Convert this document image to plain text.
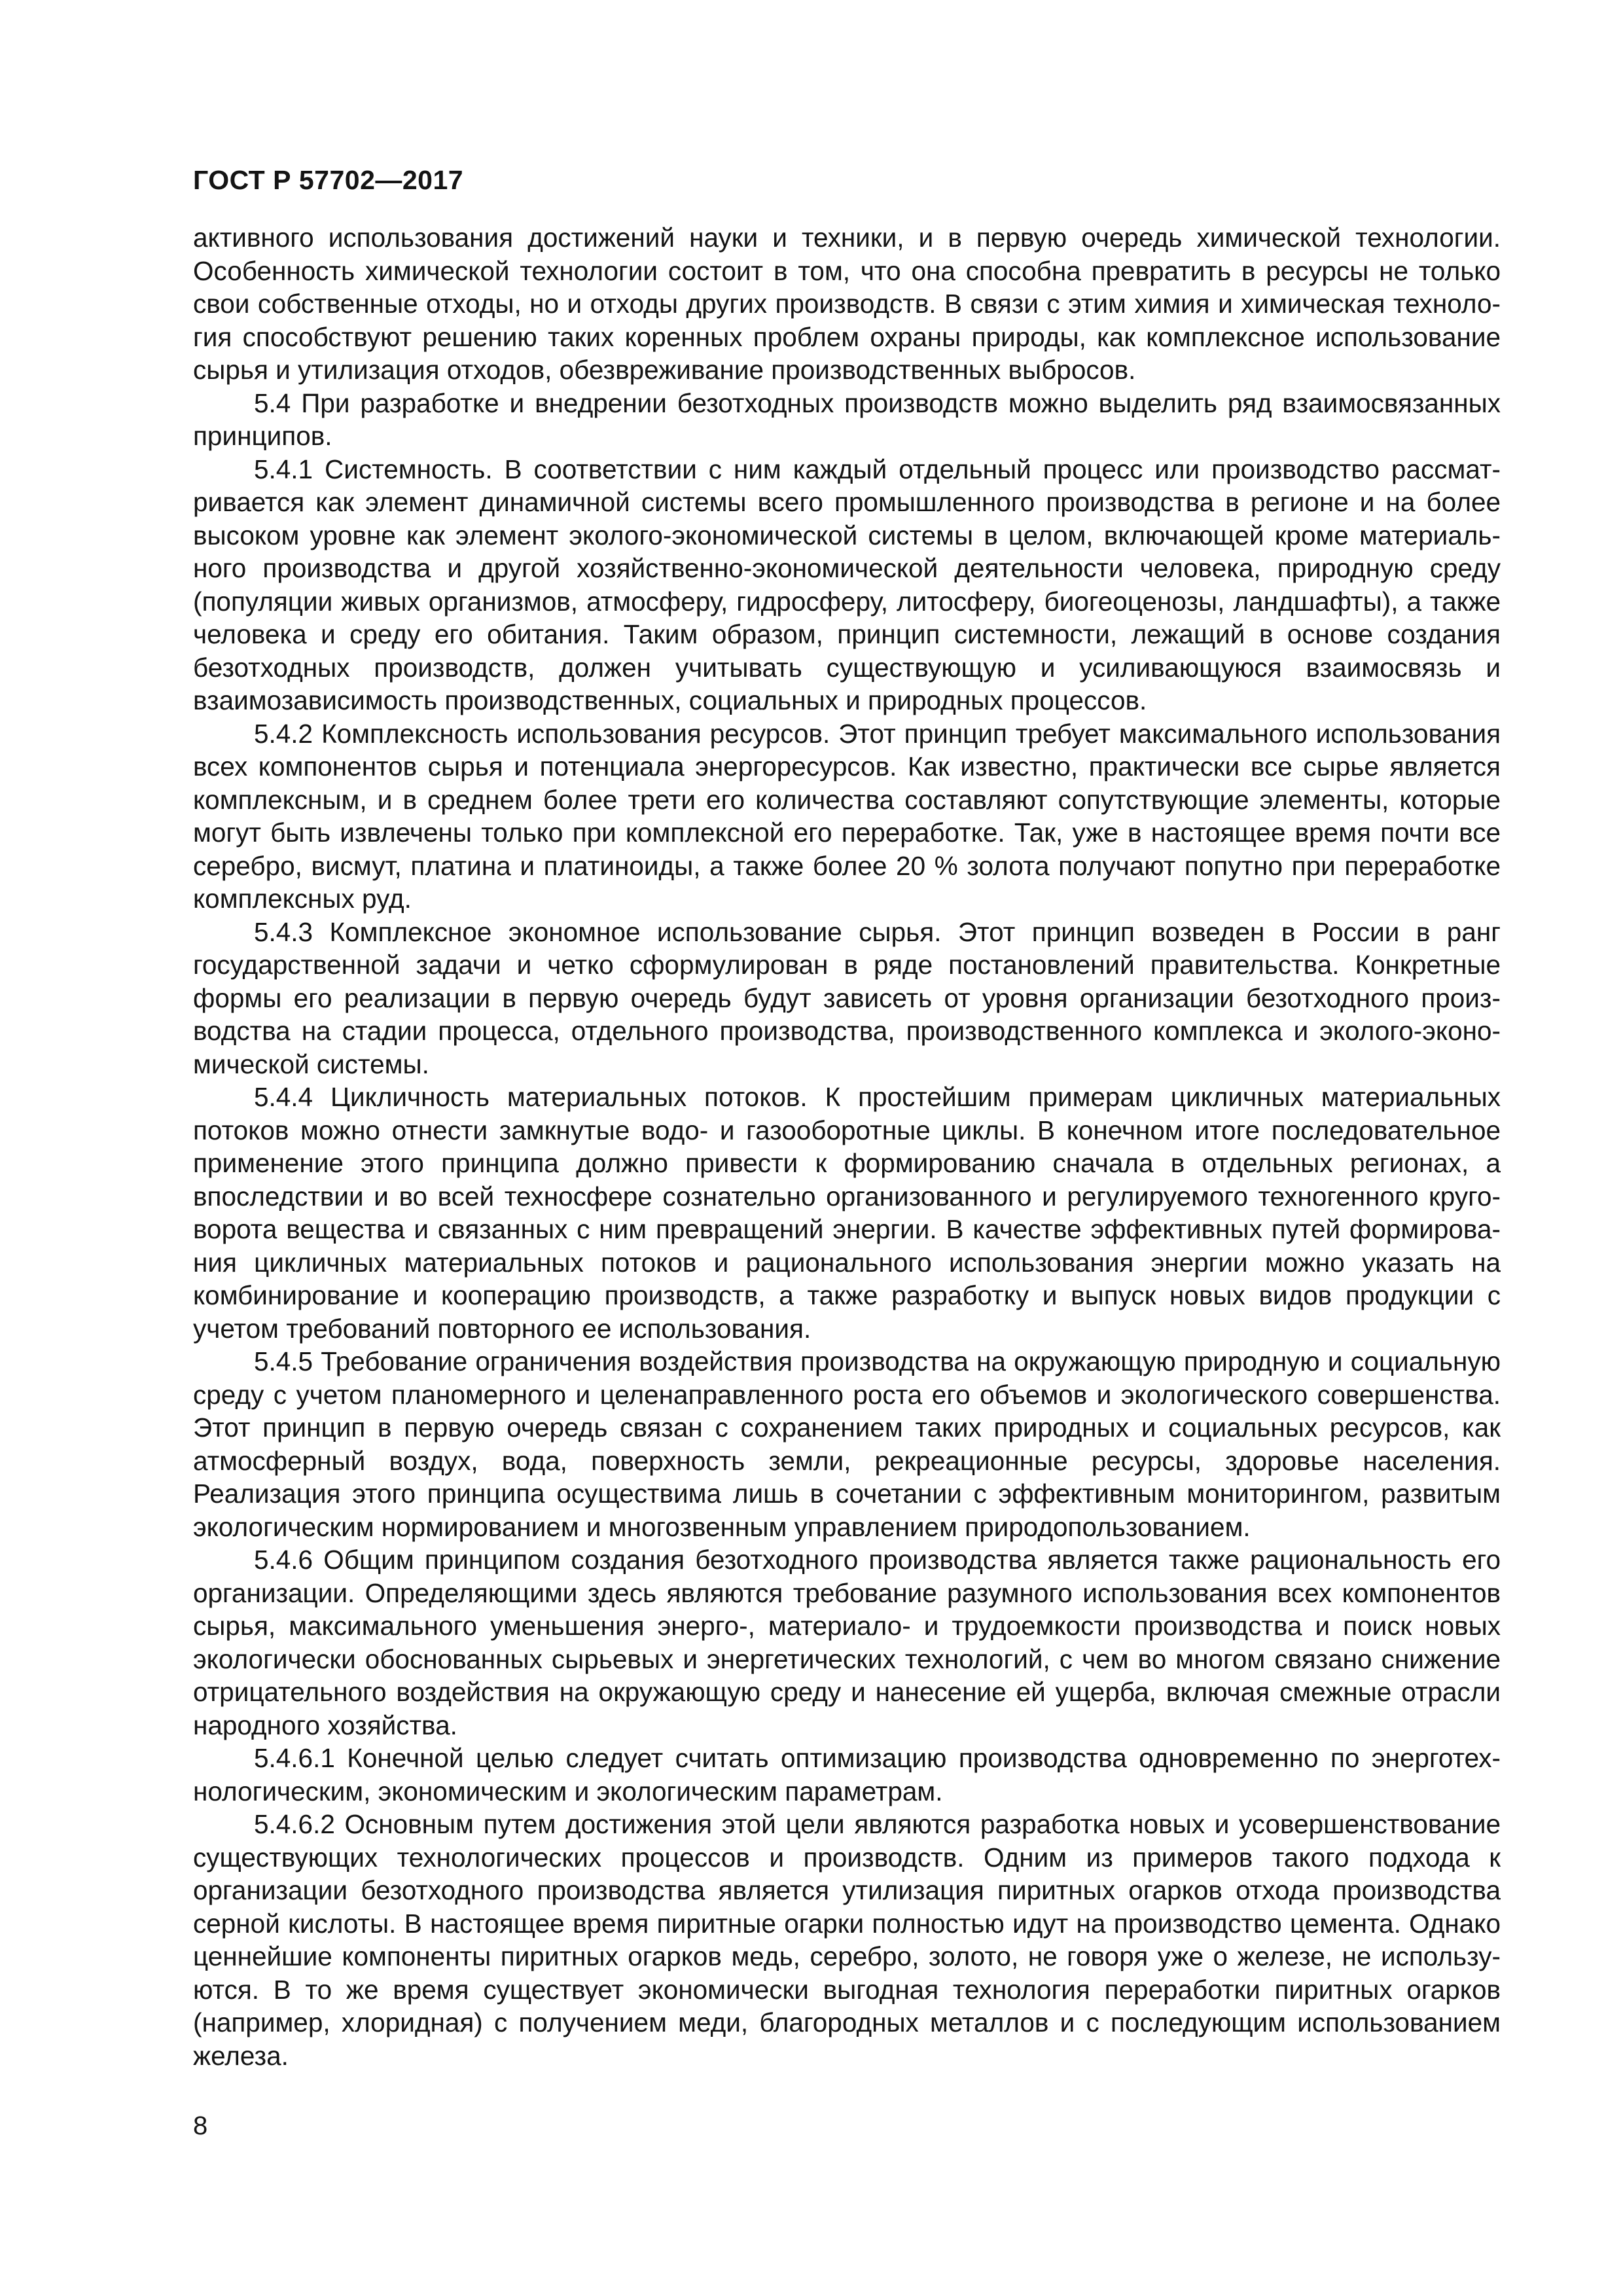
ГОСТ Р 57702—2017

активного использования достижений науки и техники, и в первую очередь химической технологии. Особенность химической технологии состоит в том, что она способна превратить в ресурсы не только свои собственные отходы, но и отходы других производств. В связи с этим химия и химическая технология способствуют решению таких коренных проблем охраны природы, как комплексное использование сырья и утилизация отходов, обезвреживание производственных выбросов.

5.4 При разработке и внедрении безотходных производств можно выделить ряд взаимосвязанных принципов.

5.4.1 Системность. В соответствии с ним каждый отдельный процесс или производство рассматривается как элемент динамичной системы всего промышленного производства в регионе и на более высоком уровне как элемент эколого-экономической системы в целом, включающей кроме материального производства и другой хозяйственно-экономической деятельности человека, природную среду (популяции живых организмов, атмосферу, гидросферу, литосферу, биогеоценозы, ландшафты), а также человека и среду его обитания. Таким образом, принцип системности, лежащий в основе создания безотходных производств, должен учитывать существующую и усиливающуюся взаимосвязь и взаимозависимость производственных, социальных и природных процессов.

5.4.2 Комплексность использования ресурсов. Этот принцип требует максимального использования всех компонентов сырья и потенциала энергоресурсов. Как известно, практически все сырье является комплексным, и в среднем более трети его количества составляют сопутствующие элементы, которые могут быть извлечены только при комплексной его переработке. Так, уже в настоящее время почти все серебро, висмут, платина и платиноиды, а также более 20 % золота получают попутно при переработке комплексных руд.

5.4.3 Комплексное экономное использование сырья. Этот принцип возведен в России в ранг государственной задачи и четко сформулирован в ряде постановлений правительства. Конкретные формы его реализации в первую очередь будут зависеть от уровня организации безотходного производства на стадии процесса, отдельного производства, производственного комплекса и эколого-экономической системы.

5.4.4 Цикличность материальных потоков. К простейшим примерам цикличных материальных потоков можно отнести замкнутые водо- и газооборотные циклы. В конечном итоге последовательное применение этого принципа должно привести к формированию сначала в отдельных регионах, а впоследствии и во всей техносфере сознательно организованного и регулируемого техногенного круговорота вещества и связанных с ним превращений энергии. В качестве эффективных путей формирования цикличных материальных потоков и рационального использования энергии можно указать на комбинирование и кооперацию производств, а также разработку и выпуск новых видов продукции с учетом требований повторного ее использования.

5.4.5 Требование ограничения воздействия производства на окружающую природную и социальную среду с учетом планомерного и целенаправленного роста его объемов и экологического совершенства. Этот принцип в первую очередь связан с сохранением таких природных и социальных ресурсов, как атмосферный воздух, вода, поверхность земли, рекреационные ресурсы, здоровье населения. Реализация этого принципа осуществима лишь в сочетании с эффективным мониторингом, развитым экологическим нормированием и многозвенным управлением природопользованием.

5.4.6 Общим принципом создания безотходного производства является также рациональность его организации. Определяющими здесь являются требование разумного использования всех компонентов сырья, максимального уменьшения энерго-, материало- и трудоемкости производства и поиск новых экологически обоснованных сырьевых и энергетических технологий, с чем во многом связано снижение отрицательного воздействия на окружающую среду и нанесение ей ущерба, включая смежные отрасли народного хозяйства.

5.4.6.1 Конечной целью следует считать оптимизацию производства одновременно по энерготехнологическим, экономическим и экологическим параметрам.

5.4.6.2 Основным путем достижения этой цели являются разработка новых и усовершенствование существующих технологических процессов и производств. Одним из примеров такого подхода к организации безотходного производства является утилизация пиритных огарков отхода производства серной кислоты. В настоящее время пиритные огарки полностью идут на производство цемента. Однако ценнейшие компоненты пиритных огарков медь, серебро, золото, не говоря уже о железе, не используются. В то же время существует экономически выгодная технология переработки пиритных огарков (например, хлоридная) с получением меди, благородных металлов и с последующим использованием железа.

8
